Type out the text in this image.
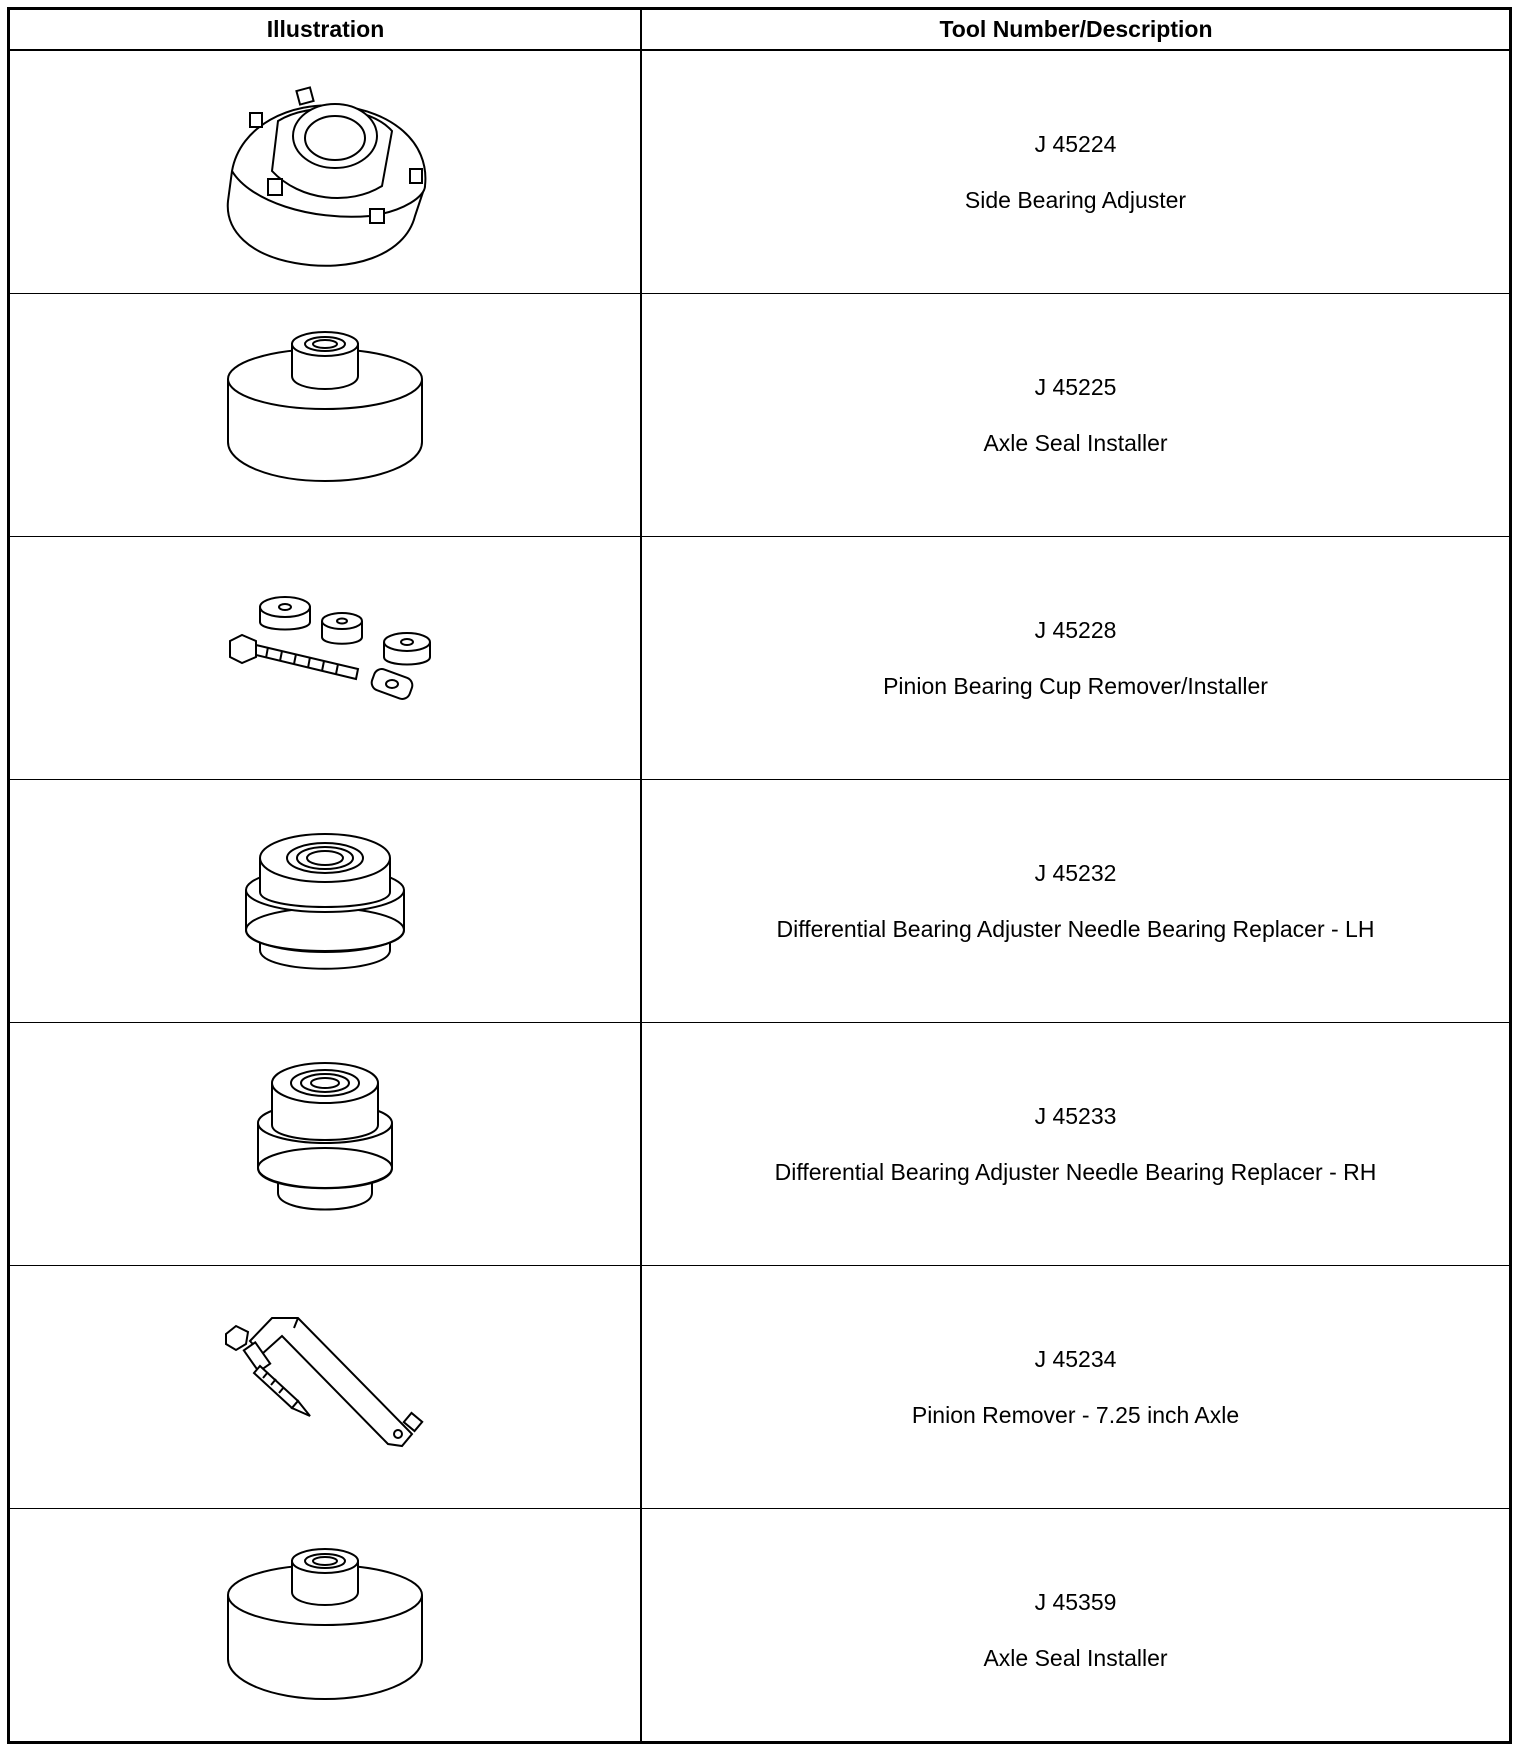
Illustration	Tool Number/Description
J 45224
Side Bearing Adjuster
J 45225
Axle Seal Installer
J 45228
Pinion Bearing Cup Remover/Installer
J 45232
Differential Bearing Adjuster Needle Bearing Replacer - LH
J 45233
Differential Bearing Adjuster Needle Bearing Replacer - RH
J 45234
Pinion Remover - 7.25 inch Axle
J 45359
Axle Seal Installer
